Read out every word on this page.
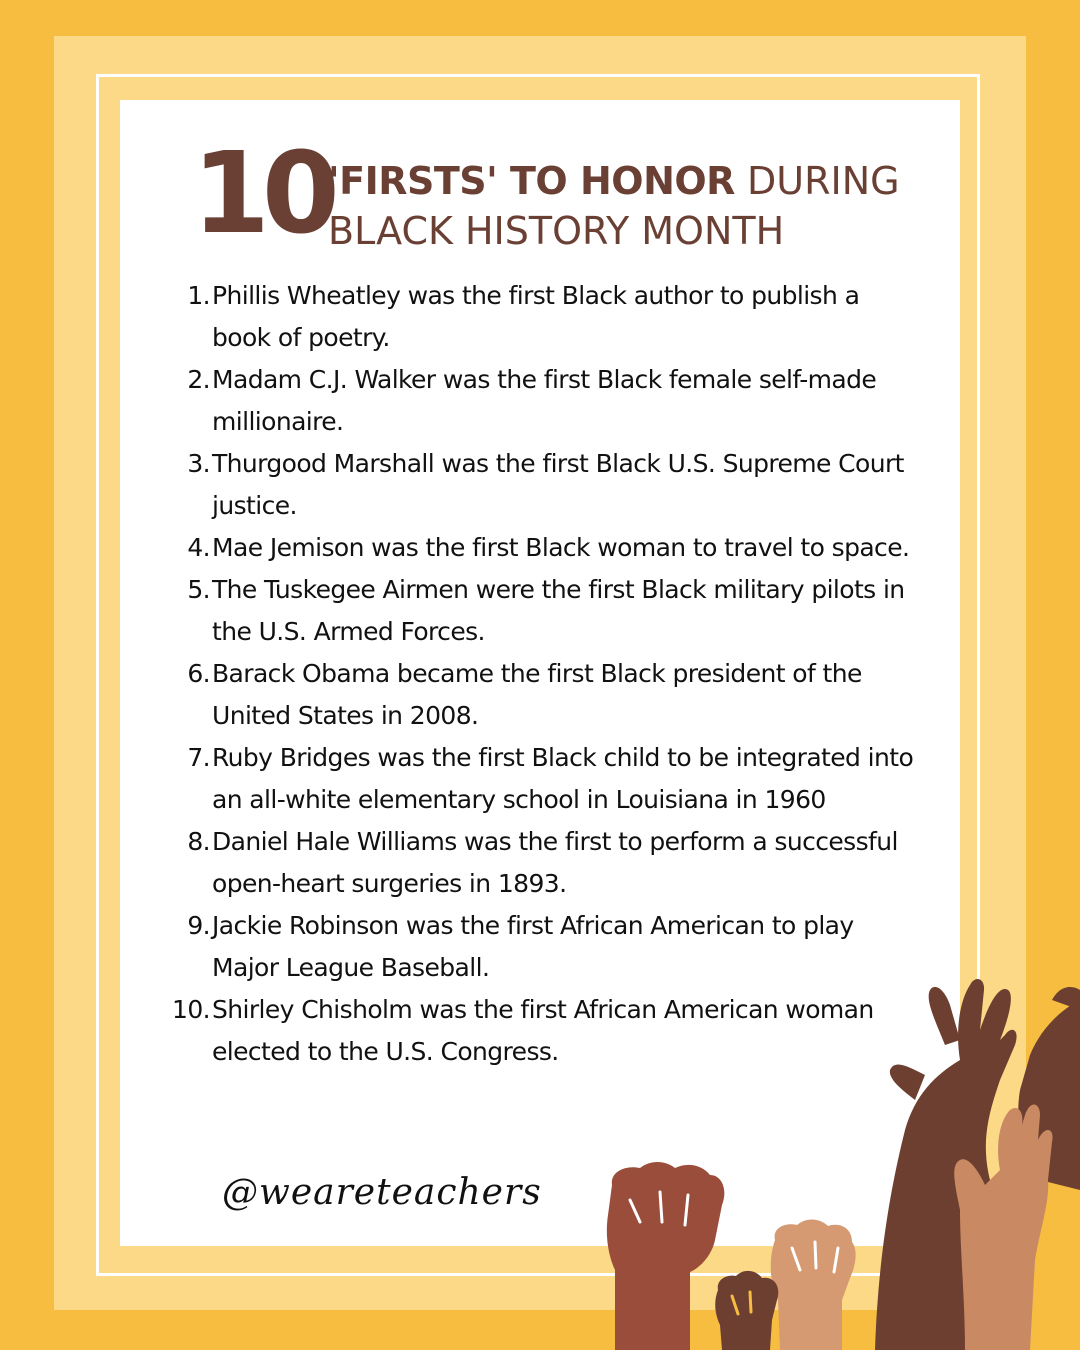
10
'FIRSTS' TO HONOR DURING
BLACK HISTORY MONTH
1. Phillis Wheatley was the first Black author to publish a book of poetry.
2. Madam C.J. Walker was the first Black female self-made millionaire.
3. Thurgood Marshall was the first Black U.S. Supreme Court justice.
4. Mae Jemison was the first Black woman to travel to space.
5. The Tuskegee Airmen were the first Black military pilots in the U.S. Armed Forces.
6. Barack Obama became the first Black president of the United States in 2008.
7. Ruby Bridges was the first Black child to be integrated into an all-white elementary school in Louisiana in 1960
8. Daniel Hale Williams was the first to perform a successful open-heart surgeries in 1893.
9. Jackie Robinson was the first African American to play Major League Baseball.
10. Shirley Chisholm was the first African American woman elected to the U.S. Congress.
@weareteachers
